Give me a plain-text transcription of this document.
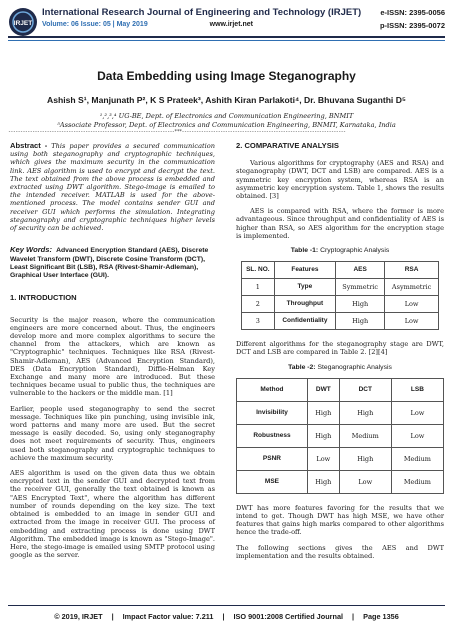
IRJET
International Research Journal of Engineering and Technology (IRJET)
Volume: 06 Issue: 05 | May 2019	www.irjet.net
e-ISSN: 2395-0056
p-ISSN: 2395-0072
Data Embedding using Image Steganography
Ashish S¹, Manjunath P², K S Prateek³, Ashith Kiran Parlakoti⁴, Dr. Bhuvana Suganthi D⁵
¹,²,³,⁴ UG-BE, Dept. of Electronics and Communication Engineering, BNMIT
⁵Associate Professor, Dept. of Electronics and Communication Engineering, BNMIT, Karnataka, India
---------------------------------------------------------------------***--------------------------------------------------------------------

Abstract - This paper provides a secured communication using both steganography and cryptographic techniques, which gives the maximum security in the communication link. AES algorithm is used to encrypt and decrypt the text. The text obtained from the above process is embedded and extracted using DWT algorithm. Stego-image is emailed to the intended receiver. MATLAB is used for the above-mentioned process. The model contains sender GUI and receiver GUI which performs the simulation. Integrating steganography and cryptographic techniques higher levels of security can be achieved.

Key Words: Advanced Encryption Standard (AES), Discrete Wavelet Transform (DWT), Discrete Cosine Transform (DCT), Least Significant Bit (LSB), RSA (Rivest-Shamir-Adleman), Graphical User Interface (GUI).

1. INTRODUCTION

Security is the major reason, where the communication engineers are more concerned about. Thus, the engineers develop more and more complex algorithms to secure the channel from the attackers, which are known as "Cryptographic" techniques. Techniques like RSA (Rivest-Shamir-Adleman), AES (Advanced Encryption Standard), DES (Data Encryption Standard), Diffie-Helman Key Exchange and many more are introduced. But these techniques became usual to public thus, the techniques are vulnerable to the hackers or the middle man. [1]

Earlier, people used steganography to send the secret message. Techniques like pin punching, using invisible ink, word patterns and many more are used. But the secret message is easily decoded. So, using only steganography does not meet requirements of security. Thus, engineers used both steganography and cryptographic techniques to achieve the maximum security.

AES algorithm is used on the given data thus we obtain encrypted text in the sender GUI and decrypted text from the receiver GUI, generally the text obtained is known as "AES Encrypted Text", where the algorithm has different number of rounds depending on the key size. The text obtained is embedded to an image in sender GUI and extracted from the image in receiver GUI. The process of embedding and extracting process is done using DWT Algorithm. The embedded image is known as "Stego-Image". Here, the stego-image is emailed using SMTP protocol using google as the server.

2. COMPARATIVE ANALYSIS

Various algorithms for cryptography (AES and RSA) and steganography (DWT, DCT and LSB) are compared. AES is a symmetric key encryption system, whereas RSA is an asymmetric key encryption system. Table 1, shows the results obtained. [3]

AES is compared with RSA, where the former is more advantageous. Since throughput and confidentiality of AES is higher than RSA, so AES algorithm for the encryption stage is implemented.

Table -1: Cryptographic Analysis
SL. NO.	Features	AES	RSA
1	Type	Symmetric	Asymmetric
2	Throughput	High	Low
3	Confidentiality	High	Low

Different algorithms for the steganography stage are DWT, DCT and LSB are compared in Table 2. [2][4]

Table -2: Steganographic Analysis
Method	DWT	DCT	LSB
Invisibility	High	High	Low
Robustness	High	Medium	Low
PSNR	Low	High	Medium
MSE	High	Low	Medium

DWT has more features favoring for the results that we intend to get. Though DWT has high MSE, we have other features that gains high marks compared to other algorithms hence the trade-off.

The following sections gives the AES and DWT implementation and the results obtained.

© 2019, IRJET | Impact Factor value: 7.211 | ISO 9001:2008 Certified Journal | Page 1356
